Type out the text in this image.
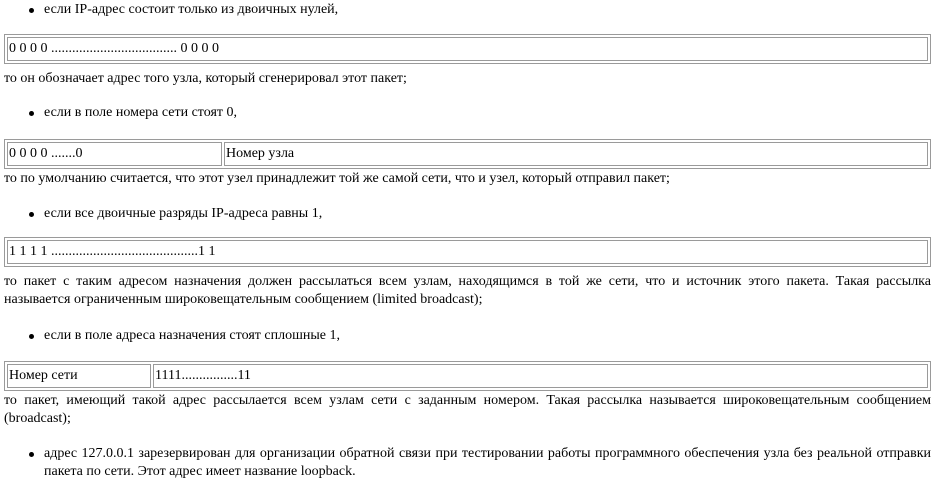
если IP-адрес состоит только из двоичных нулей,
0 0 0 0 .................................... 0 0 0 0

то он обозначает адрес того узла, который сгенерировал этот пакет;

если в поле номера сети стоят 0,
0 0 0 0 .......0	Номер узла

то по умолчанию считается, что этот узел принадлежит той же самой сети, что и узел, который отправил пакет;

если все двоичные разряды IP-адреса равны 1,
1 1 1 1 ..........................................1 1

то пакет с таким адресом назначения должен рассылаться всем узлам, находящимся в той же сети, что и источник этого пакета. Такая рассылка называется ограниченным широковещательным сообщением (limited broadcast);

если в поле адреса назначения стоят сплошные 1,
Номер сети	1111................11

то пакет, имеющий такой адрес рассылается всем узлам сети с заданным номером. Такая рассылка называется широковещательным сообщением (broadcast);

адрес 127.0.0.1 зарезервирован для организации обратной связи при тестировании работы программного обеспечения узла без реальной отправки пакета по сети. Этот адрес имеет название loopback.
